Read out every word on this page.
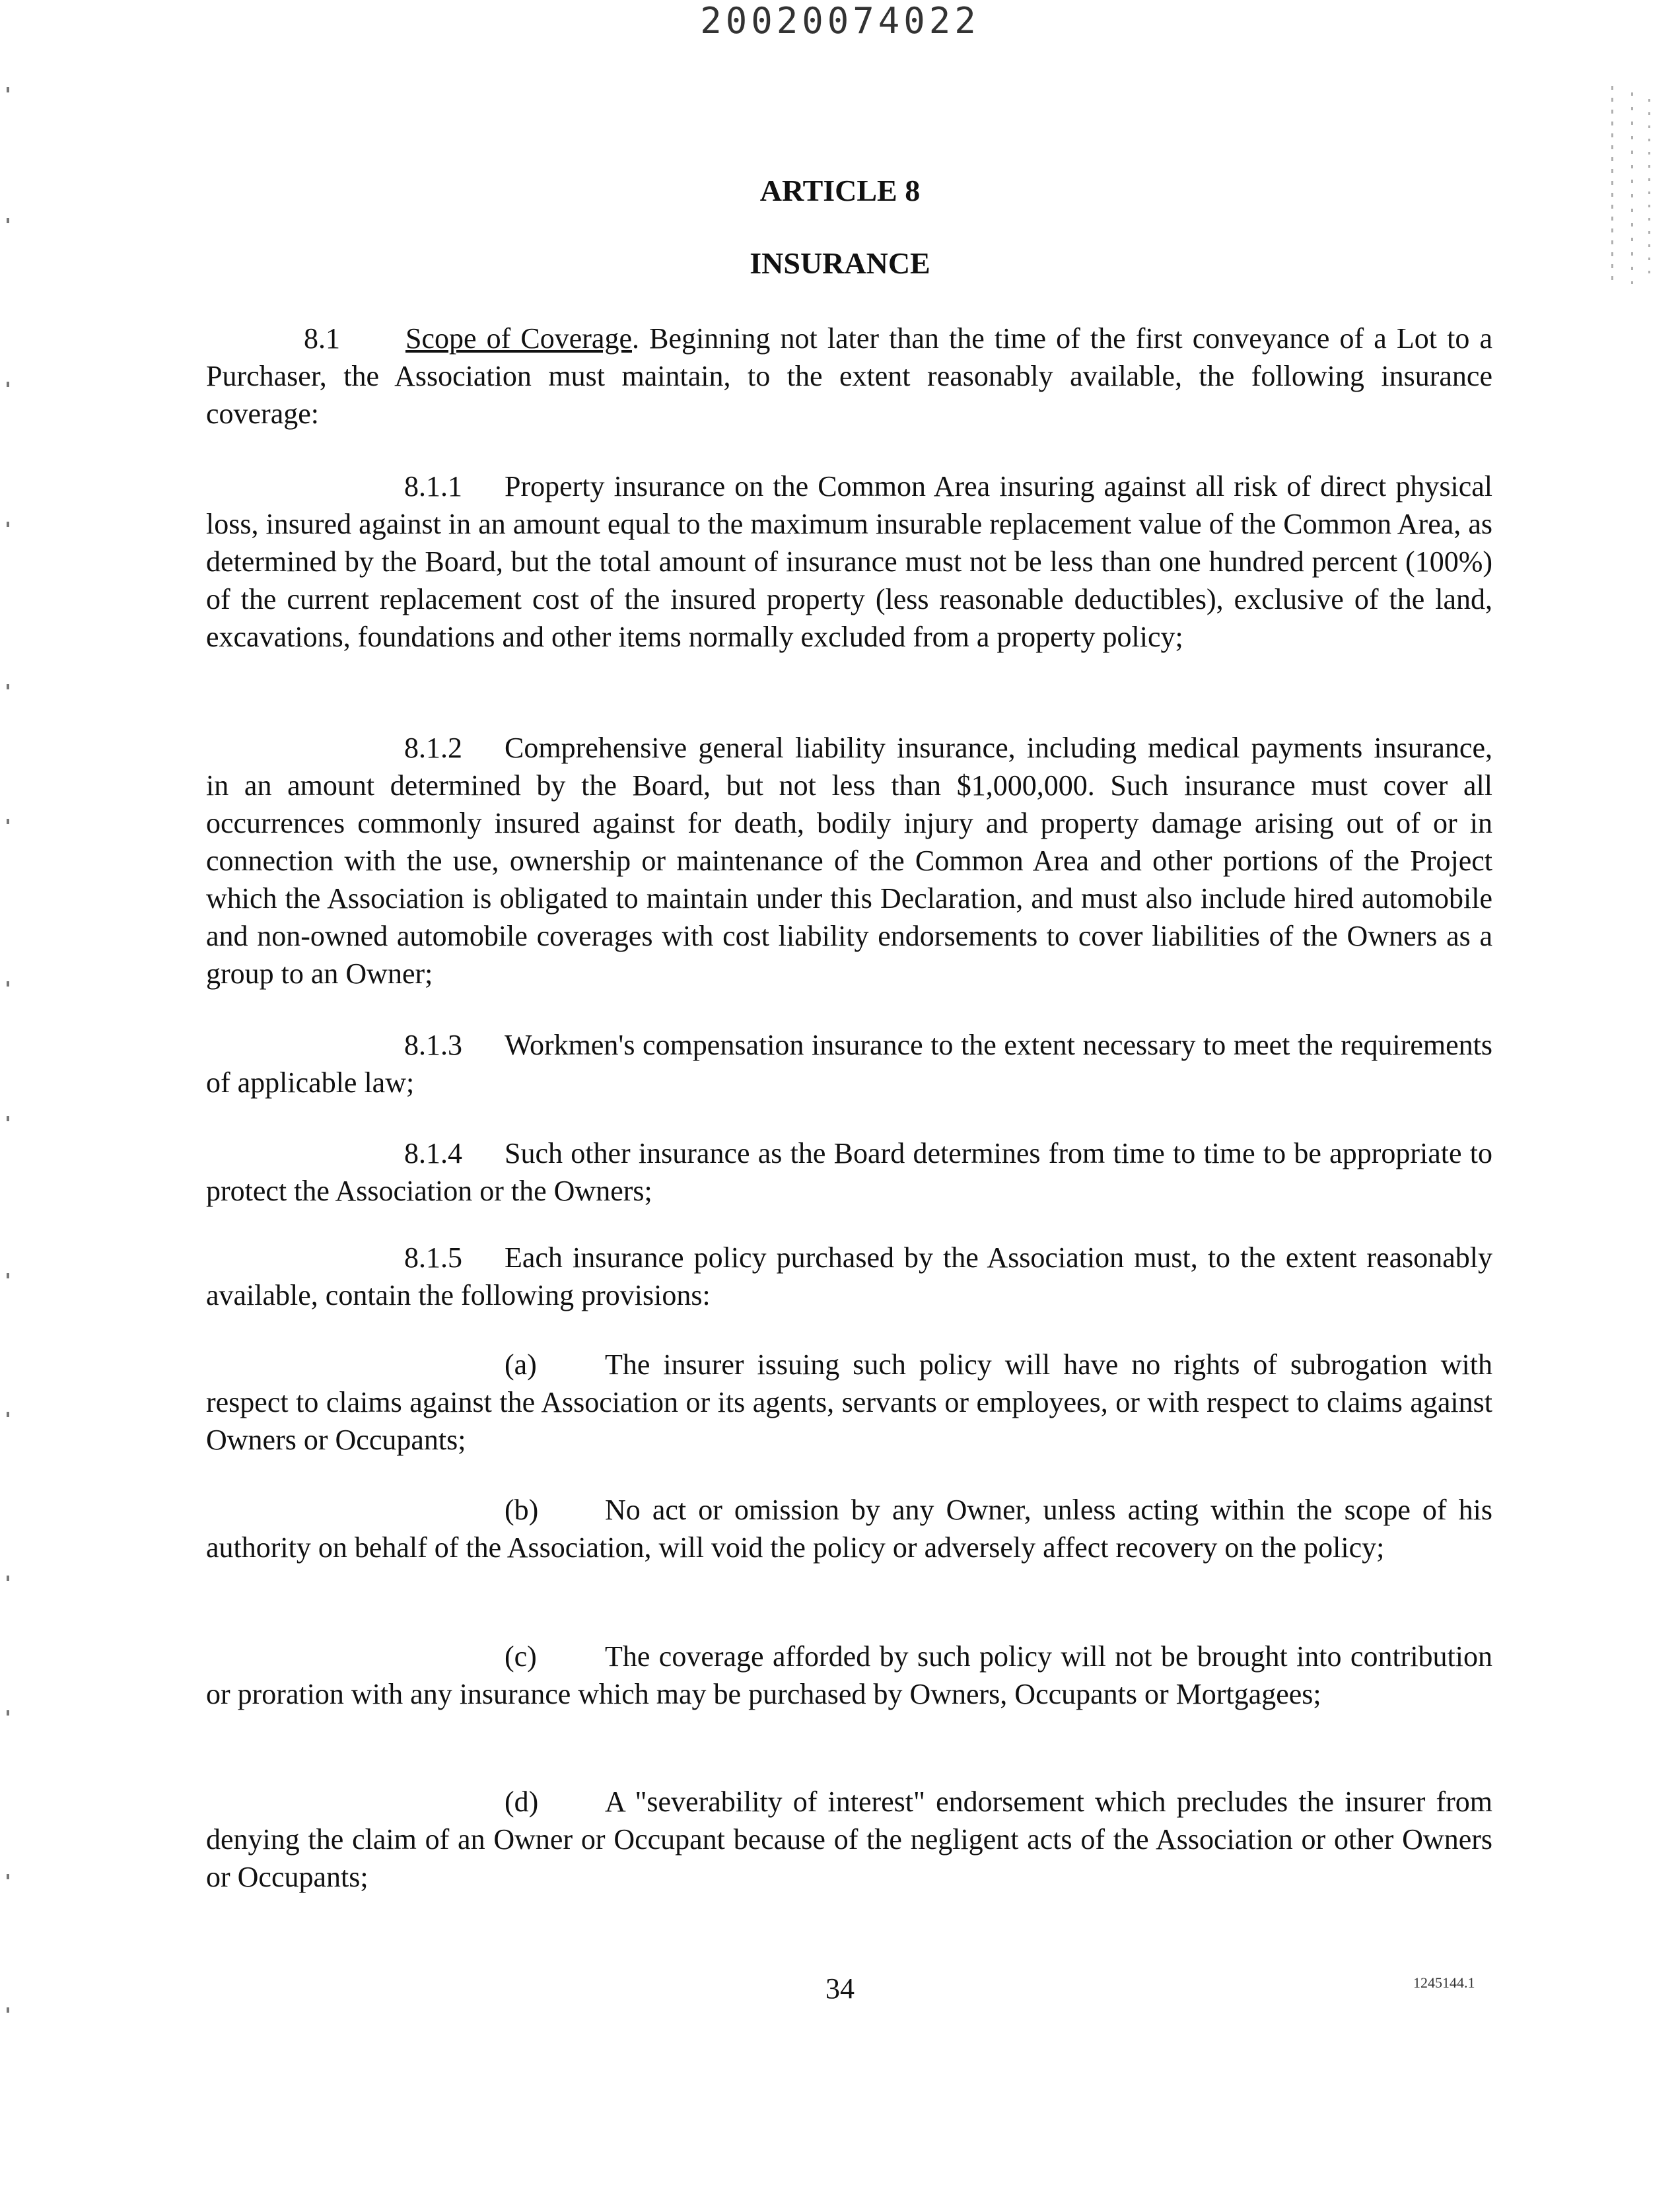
20020074022
ARTICLE 8
INSURANCE

8.1 Scope of Coverage. Beginning not later than the time of the first conveyance of a Lot to a Purchaser, the Association must maintain, to the extent reasonably available, the following insurance coverage:

8.1.1 Property insurance on the Common Area insuring against all risk of direct physical loss, insured against in an amount equal to the maximum insurable replacement value of the Common Area, as determined by the Board, but the total amount of insurance must not be less than one hundred percent (100%) of the current replacement cost of the insured property (less reasonable deductibles), exclusive of the land, excavations, foundations and other items normally excluded from a property policy;

8.1.2 Comprehensive general liability insurance, including medical payments insurance, in an amount determined by the Board, but not less than $1,000,000. Such insurance must cover all occurrences commonly insured against for death, bodily injury and property damage arising out of or in connection with the use, ownership or maintenance of the Common Area and other portions of the Project which the Association is obligated to maintain under this Declaration, and must also include hired automobile and non-owned automobile coverages with cost liability endorsements to cover liabilities of the Owners as a group to an Owner;

8.1.3 Workmen's compensation insurance to the extent necessary to meet the requirements of applicable law;

8.1.4 Such other insurance as the Board determines from time to time to be appropriate to protect the Association or the Owners;

8.1.5 Each insurance policy purchased by the Association must, to the extent reasonably available, contain the following provisions:

(a) The insurer issuing such policy will have no rights of subrogation with respect to claims against the Association or its agents, servants or employees, or with respect to claims against Owners or Occupants;

(b) No act or omission by any Owner, unless acting within the scope of his authority on behalf of the Association, will void the policy or adversely affect recovery on the policy;

(c) The coverage afforded by such policy will not be brought into contribution or proration with any insurance which may be purchased by Owners, Occupants or Mortgagees;

(d) A "severability of interest" endorsement which precludes the insurer from denying the claim of an Owner or Occupant because of the negligent acts of the Association or other Owners or Occupants;

34	1245144.1
